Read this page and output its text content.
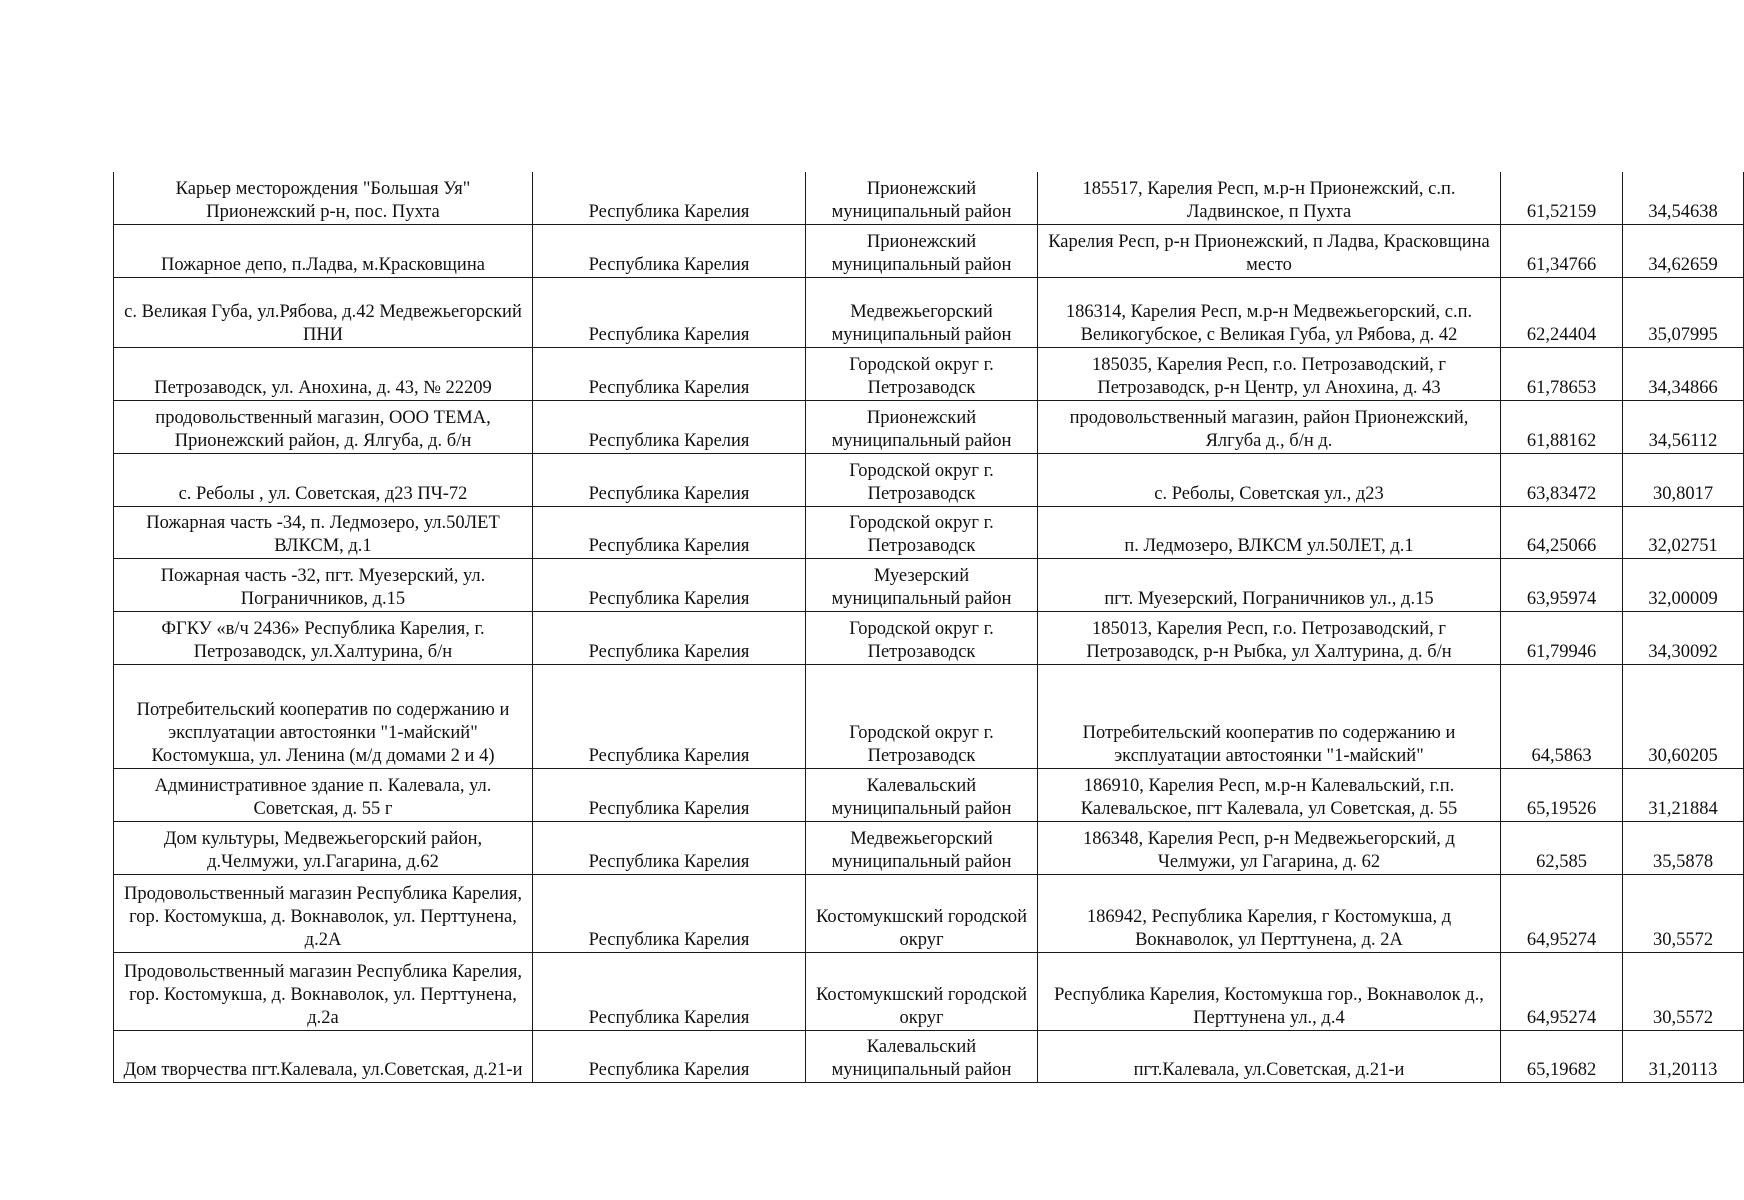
Карьер месторождения "Большая Уя" Прионежский р-н, пос. Пухта	Республика Карелия	Прионежский муниципальный район	185517, Карелия Респ, м.р-н Прионежский, с.п. Ладвинское, п Пухта	61,52159	34,54638
Пожарное депо, п.Ладва, м.Красковщина	Республика Карелия	Прионежский муниципальный район	Карелия Респ, р-н Прионежский, п Ладва, Красковщина место	61,34766	34,62659
с. Великая Губа, ул.Рябова, д.42 Медвежьегорский ПНИ	Республика Карелия	Медвежьегорский муниципальный район	186314, Карелия Респ, м.р-н Медвежьегорский, с.п. Великогубское, с Великая Губа, ул Рябова, д. 42	62,24404	35,07995
Петрозаводск, ул. Анохина, д. 43, № 22209	Республика Карелия	Городской округ г. Петрозаводск	185035, Карелия Респ, г.о. Петрозаводский, г Петрозаводск, р-н Центр, ул Анохина, д. 43	61,78653	34,34866
продовольственный магазин, ООО ТЕМА, Прионежский район, д. Ялгуба, д. б/н	Республика Карелия	Прионежский муниципальный район	продовольственный магазин, район Прионежский, Ялгуба д., б/н д.	61,88162	34,56112
с. Реболы , ул. Советская, д23 ПЧ-72	Республика Карелия	Городской округ г. Петрозаводск	с. Реболы, Советская ул., д23	63,83472	30,8017
Пожарная часть -34, п. Ледмозеро, ул.50ЛЕТ ВЛКСМ, д.1	Республика Карелия	Городской округ г. Петрозаводск	п. Ледмозеро, ВЛКСМ ул.50ЛЕТ, д.1	64,25066	32,02751
Пожарная часть -32, пгт. Муезерский, ул. Пограничников, д.15	Республика Карелия	Муезерский муниципальный район	пгт. Муезерский, Пограничников ул., д.15	63,95974	32,00009
ФГКУ «в/ч 2436» Республика Карелия, г. Петрозаводск, ул.Халтурина, б/н	Республика Карелия	Городской округ г. Петрозаводск	185013, Карелия Респ, г.о. Петрозаводский, г Петрозаводск, р-н Рыбка, ул Халтурина, д. б/н	61,79946	34,30092
Потребительский кооператив по содержанию и эксплуатации автостоянки "1-майский" Костомукша, ул. Ленина (м/д домами 2 и 4)	Республика Карелия	Городской округ г. Петрозаводск	Потребительский кооператив по содержанию и эксплуатации автостоянки "1-майский"	64,5863	30,60205
Административное здание п. Калевала, ул. Советская, д. 55 г	Республика Карелия	Калевальский муниципальный район	186910, Карелия Респ, м.р-н Калевальский, г.п. Калевальское, пгт Калевала, ул Советская, д. 55	65,19526	31,21884
Дом культуры, Медвежьегорский район, д.Челмужи, ул.Гагарина, д.62	Республика Карелия	Медвежьегорский муниципальный район	186348, Карелия Респ, р-н Медвежьегорский, д Челмужи, ул Гагарина, д. 62	62,585	35,5878
Продовольственный магазин Республика Карелия, гор. Костомукша, д. Вокнаволок, ул. Перттунена, д.2А	Республика Карелия	Костомукшский городской округ	186942, Республика Карелия, г Костомукша, д Вокнаволок, ул Перттунена, д. 2А	64,95274	30,5572
Продовольственный магазин Республика Карелия, гор. Костомукша, д. Вокнаволок, ул. Перттунена, д.2а	Республика Карелия	Костомукшский городской округ	Республика Карелия, Костомукша гор., Вокнаволок д., Перттунена ул., д.4	64,95274	30,5572
Дом творчества пгт.Калевала, ул.Советская, д.21-и	Республика Карелия	Калевальский муниципальный район	пгт.Калевала, ул.Советская, д.21-и	65,19682	31,20113
